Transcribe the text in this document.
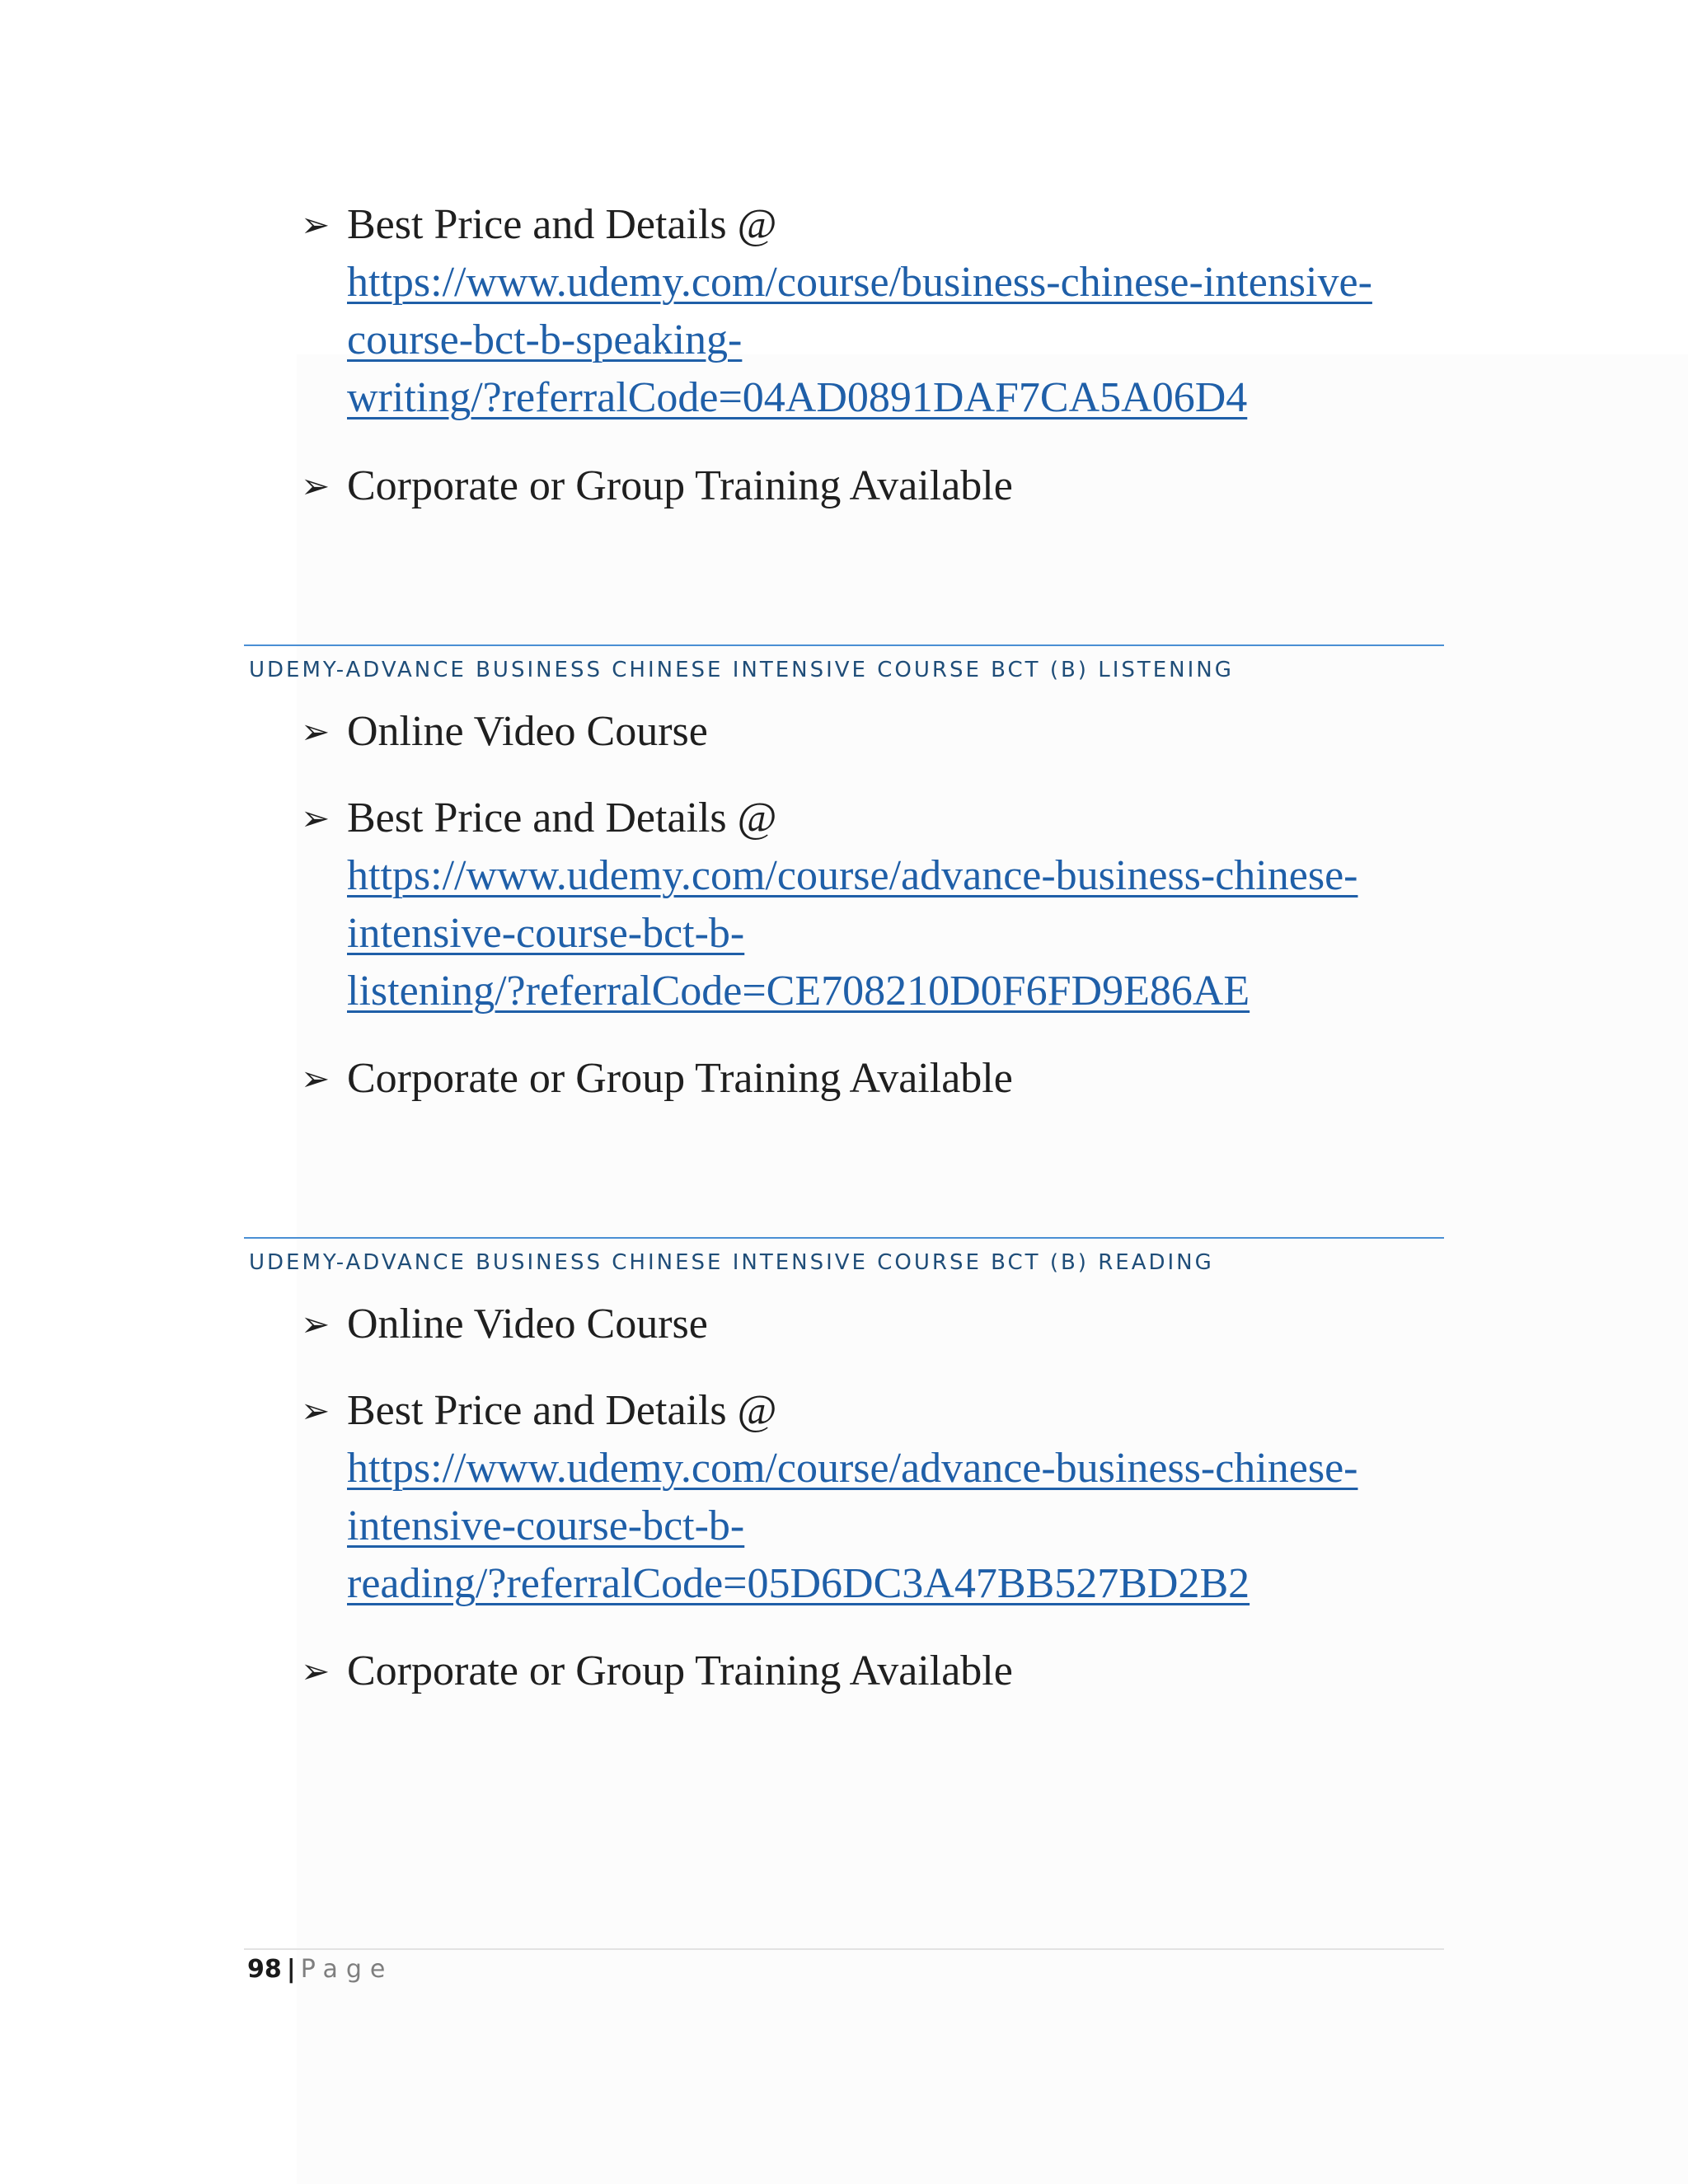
➢ Best Price and Details @
https://www.udemy.com/course/business-chinese-intensive-
course-bct-b-speaking-
writing/?referralCode=04AD0891DAF7CA5A06D4
➢ Corporate or Group Training Available
UDEMY-ADVANCE BUSINESS CHINESE INTENSIVE COURSE BCT (B) LISTENING
➢ Online Video Course
➢ Best Price and Details @
https://www.udemy.com/course/advance-business-chinese-
intensive-course-bct-b-
listening/?referralCode=CE708210D0F6FD9E86AE
➢ Corporate or Group Training Available
UDEMY-ADVANCE BUSINESS CHINESE INTENSIVE COURSE BCT (B) READING
➢ Online Video Course
➢ Best Price and Details @
https://www.udemy.com/course/advance-business-chinese-
intensive-course-bct-b-
reading/?referralCode=05D6DC3A47BB527BD2B2
➢ Corporate or Group Training Available
98 | Page
